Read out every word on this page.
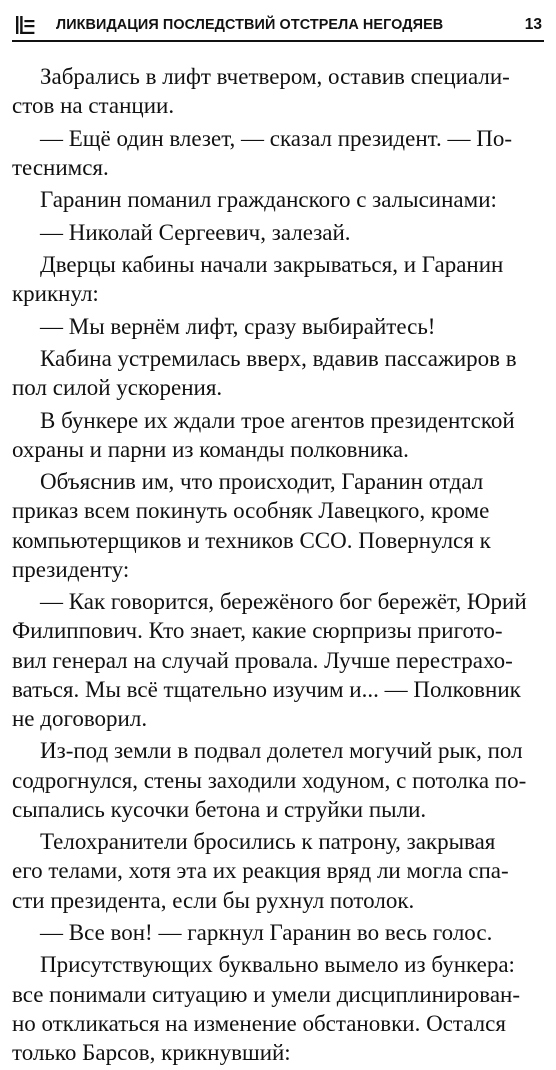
ЛИКВИДАЦИЯ ПОСЛЕДСТВИЙ ОТСТРЕЛА НЕГОДЯЕВ	13

Забрались в лифт вчетвером, оставив специали-
стов на станции.

— Ещё один влезет, — сказал президент. — По-
теснимся.

Гаранин поманил гражданского с залысинами:

— Николай Сергеевич, залезай.

Дверцы кабины начали закрываться, и Гаранин
крикнул:

— Мы вернём лифт, сразу выбирайтесь!

Кабина устремилась вверх, вдавив пассажиров в
пол силой ускорения.

В бункере их ждали трое агентов президентской
охраны и парни из команды полковника.

Объяснив им, что происходит, Гаранин отдал
приказ всем покинуть особняк Лавецкого, кроме
компьютерщиков и техников ССО. Повернулся к
президенту:

— Как говорится, бережёного бог бережёт, Юрий
Филиппович. Кто знает, какие сюрпризы пригото-
вил генерал на случай провала. Лучше перестрахо-
ваться. Мы всё тщательно изучим и... — Полковник
не договорил.

Из-под земли в подвал долетел могучий рык, пол
содрогнулся, стены заходили ходуном, с потолка по-
сыпались кусочки бетона и струйки пыли.

Телохранители бросились к патрону, закрывая
его телами, хотя эта их реакция вряд ли могла спа-
сти президента, если бы рухнул потолок.

— Все вон! — гаркнул Гаранин во весь голос.

Присутствующих буквально вымело из бункера:
все понимали ситуацию и умели дисциплинирован-
но откликаться на изменение обстановки. Остался
только Барсов, крикнувший:
